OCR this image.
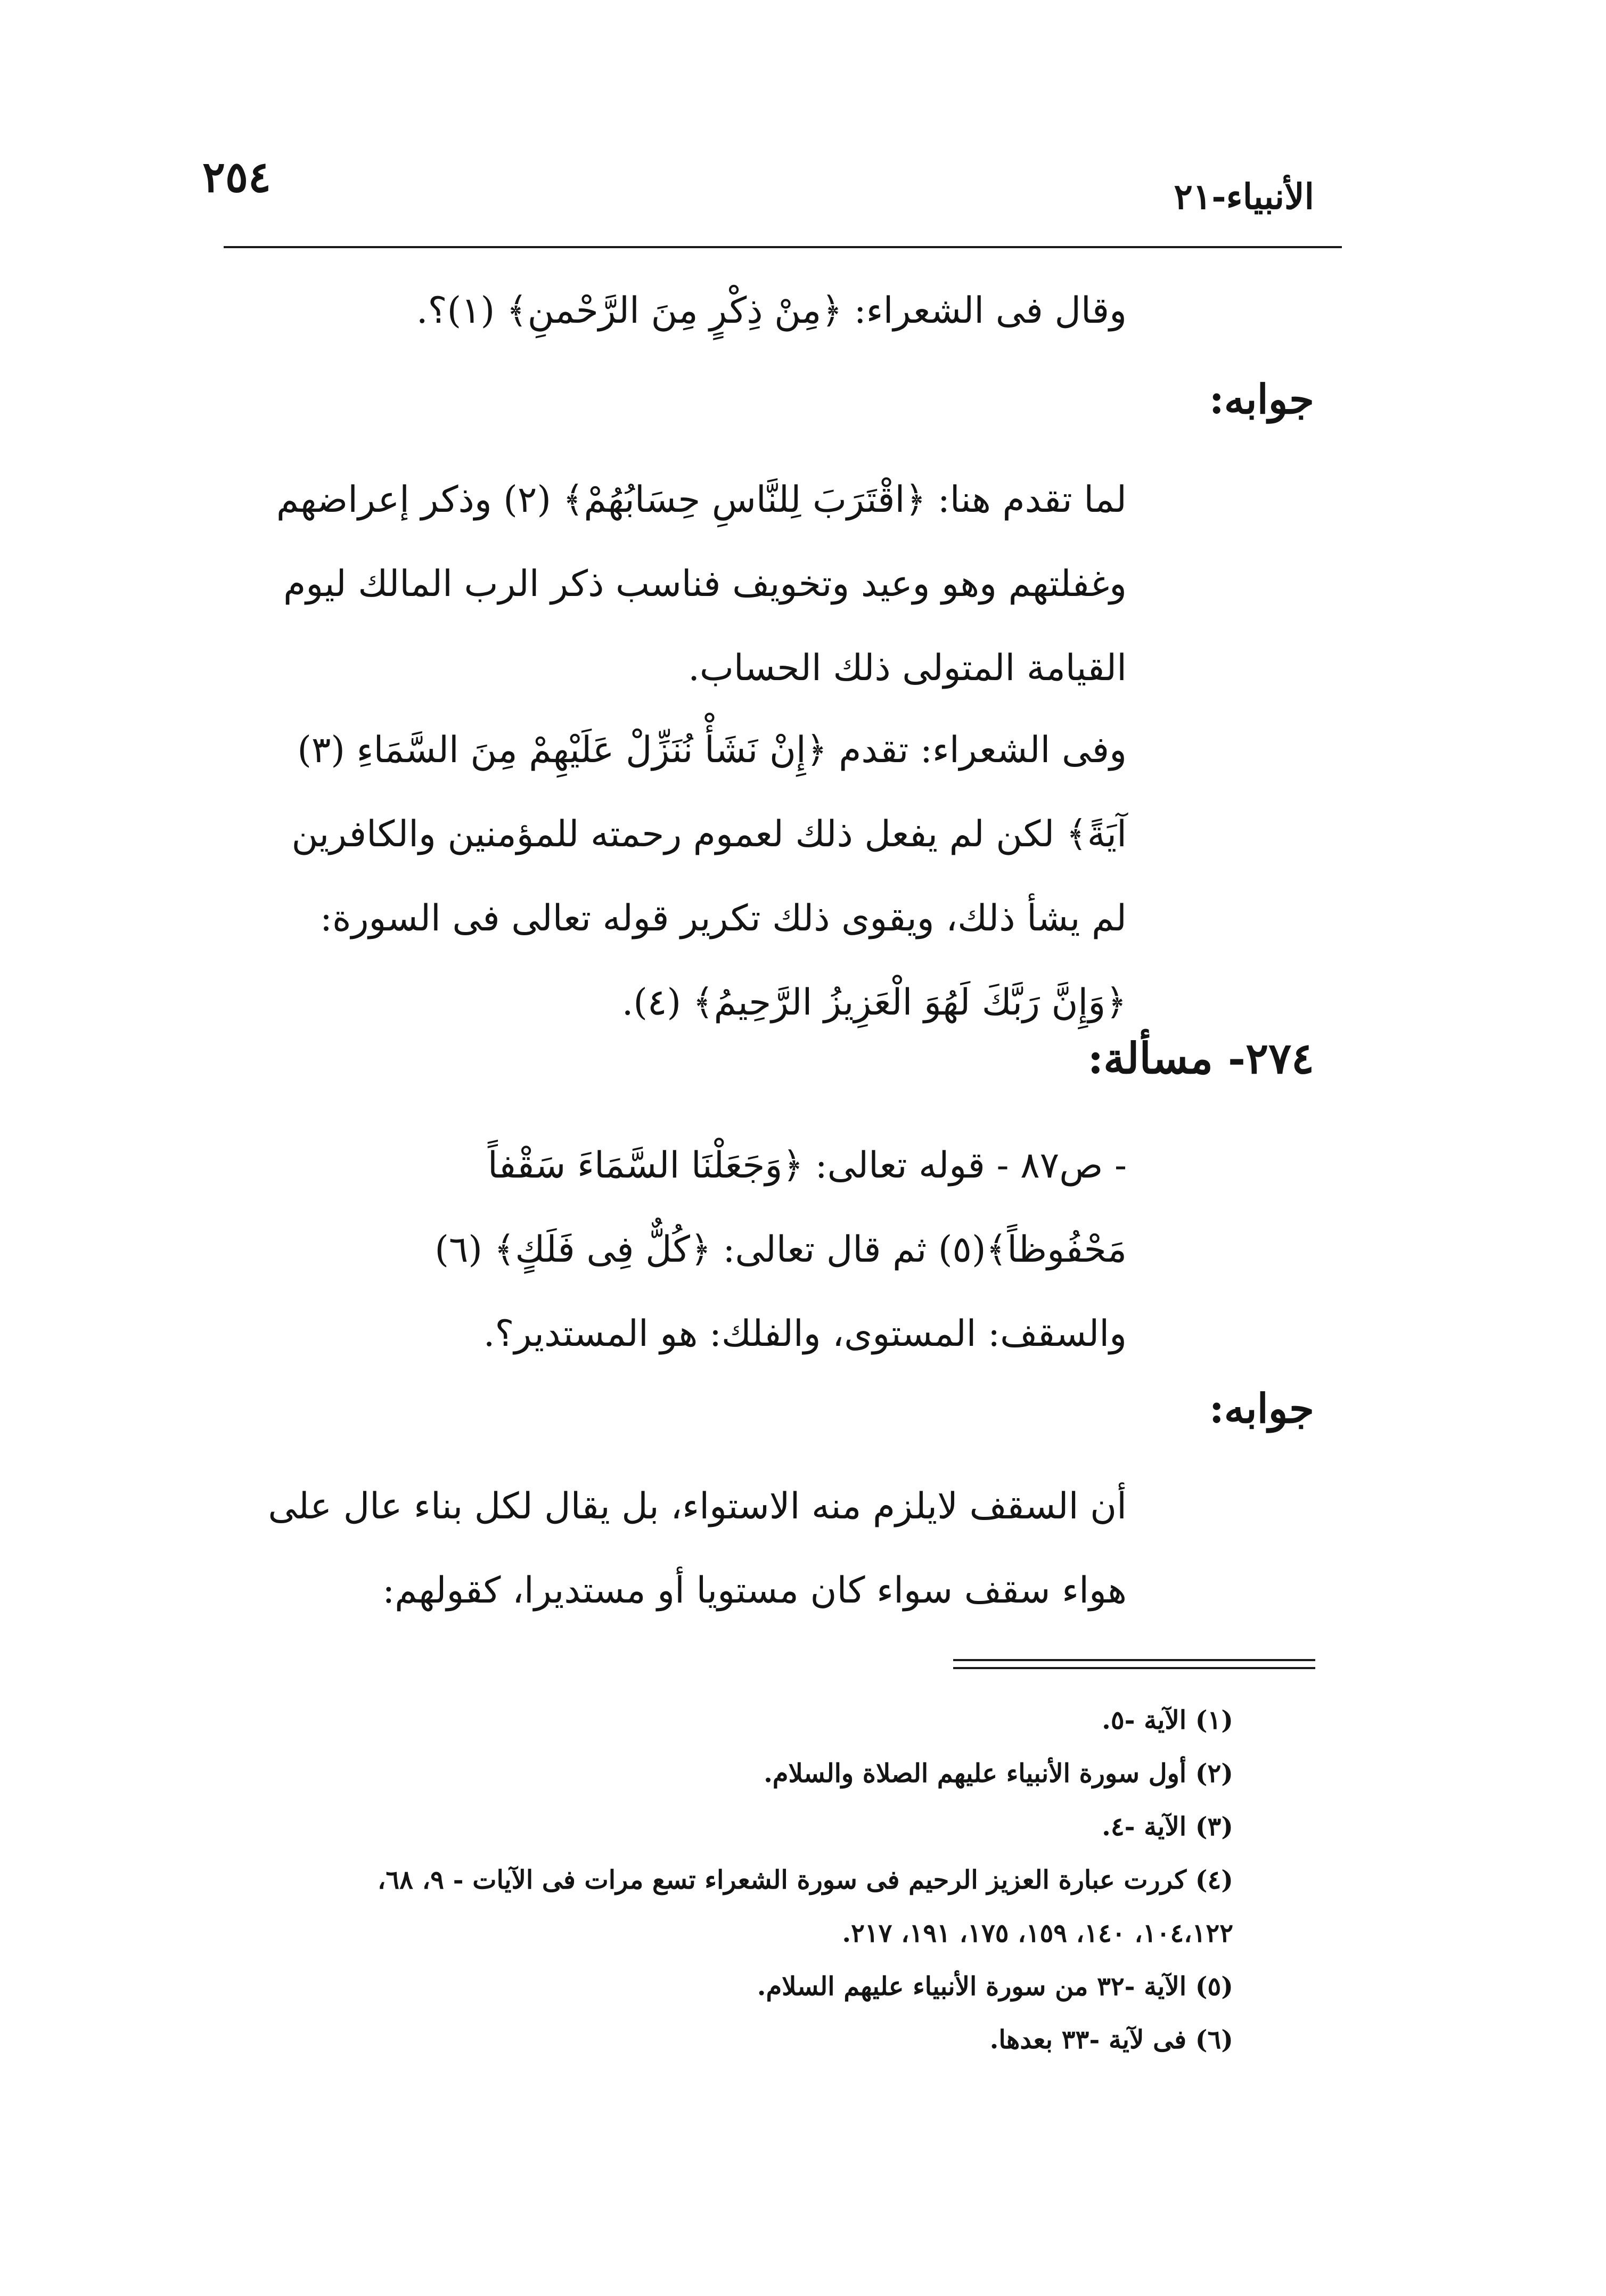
الأنبياء-٢١
٢٥٤

وقال فى الشعراء: ﴿مِنْ ذِكْرٍ مِنَ الرَّحْمنِ﴾ (١)؟.

جوابه:

لما تقدم هنا: ﴿اقْتَرَبَ لِلنَّاسِ حِسَابُهُمْ﴾ (٢) وذكر إعراضهم
وغفلتهم وهو وعيد وتخويف فناسب ذكر الرب المالك ليوم
القيامة المتولى ذلك الحساب.

وفى الشعراء: تقدم ﴿إِنْ نَشَأْ نُنَزِّلْ عَلَيْهِمْ مِنَ السَّمَاءِ (٣)
آيَةً﴾ لكن لم يفعل ذلك لعموم رحمته للمؤمنين والكافرين
لم يشأ ذلك، ويقوى ذلك تكرير قوله تعالى فى السورة:
﴿وَإِنَّ رَبَّكَ لَهُوَ الْعَزِيزُ الرَّحِيمُ﴾ (٤).

٢٧٤- مسألة:

- ص٨٧ - قوله تعالى: ﴿وَجَعَلْنَا السَّمَاءَ سَقْفاً
مَحْفُوظاً﴾(٥) ثم قال تعالى: ﴿كُلٌّ فِى فَلَكٍ﴾ (٦)
والسقف: المستوى، والفلك: هو المستدير؟.

جوابه:

أن السقف لايلزم منه الاستواء، بل يقال لكل بناء عال على
هواء سقف سواء كان مستويا أو مستديرا، كقولهم:

(١) الآية -٥.
(٢) أول سورة الأنبياء عليهم الصلاة والسلام.
(٣) الآية -٤.
(٤) كررت عبارة العزيز الرحيم فى سورة الشعراء تسع مرات فى الآيات - ٩، ٦٨،
١٠٤،١٢٢، ١٤٠، ١٥٩، ١٧٥، ١٩١، ٢١٧.
(٥) الآية -٣٢ من سورة الأنبياء عليهم السلام.
(٦) فى لآية -٣٣ بعدها.
